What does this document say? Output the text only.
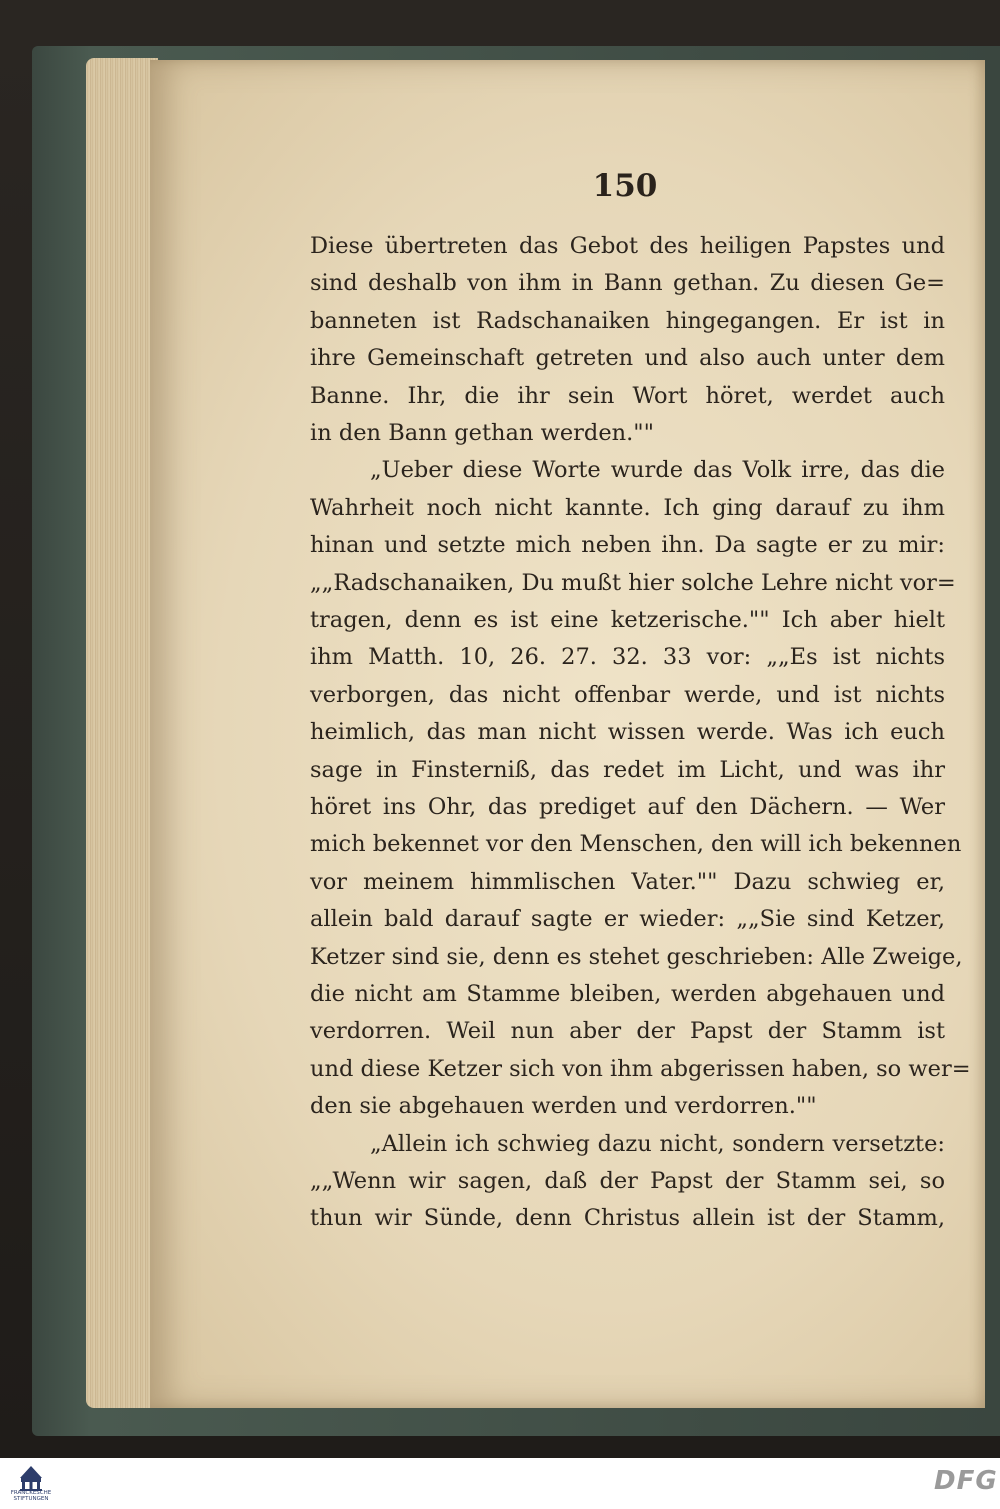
150
Diese übertreten das Gebot des heiligen Papstes und
sind deshalb von ihm in Bann gethan. Zu diesen Ge=
banneten ist Radschanaiken hingegangen. Er ist in
ihre Gemeinschaft getreten und also auch unter dem
Banne. Ihr, die ihr sein Wort höret, werdet auch
in den Bann gethan werden.""
„Ueber diese Worte wurde das Volk irre, das die
Wahrheit noch nicht kannte. Ich ging darauf zu ihm
hinan und setzte mich neben ihn. Da sagte er zu mir:
„„Radschanaiken, Du mußt hier solche Lehre nicht vor=
tragen, denn es ist eine ketzerische."" Ich aber hielt
ihm Matth. 10, 26. 27. 32. 33 vor: „„Es ist nichts
verborgen, das nicht offenbar werde, und ist nichts
heimlich, das man nicht wissen werde. Was ich euch
sage in Finsterniß, das redet im Licht, und was ihr
höret ins Ohr, das prediget auf den Dächern. — Wer
mich bekennet vor den Menschen, den will ich bekennen
vor meinem himmlischen Vater."" Dazu schwieg er,
allein bald darauf sagte er wieder: „„Sie sind Ketzer,
Ketzer sind sie, denn es stehet geschrieben: Alle Zweige,
die nicht am Stamme bleiben, werden abgehauen und
verdorren. Weil nun aber der Papst der Stamm ist
und diese Ketzer sich von ihm abgerissen haben, so wer=
den sie abgehauen werden und verdorren.""
„Allein ich schwieg dazu nicht, sondern versetzte:
„„Wenn wir sagen, daß der Papst der Stamm sei, so
thun wir Sünde, denn Christus allein ist der Stamm,
FRANCKESCHE STIFTUNGEN
DFG
